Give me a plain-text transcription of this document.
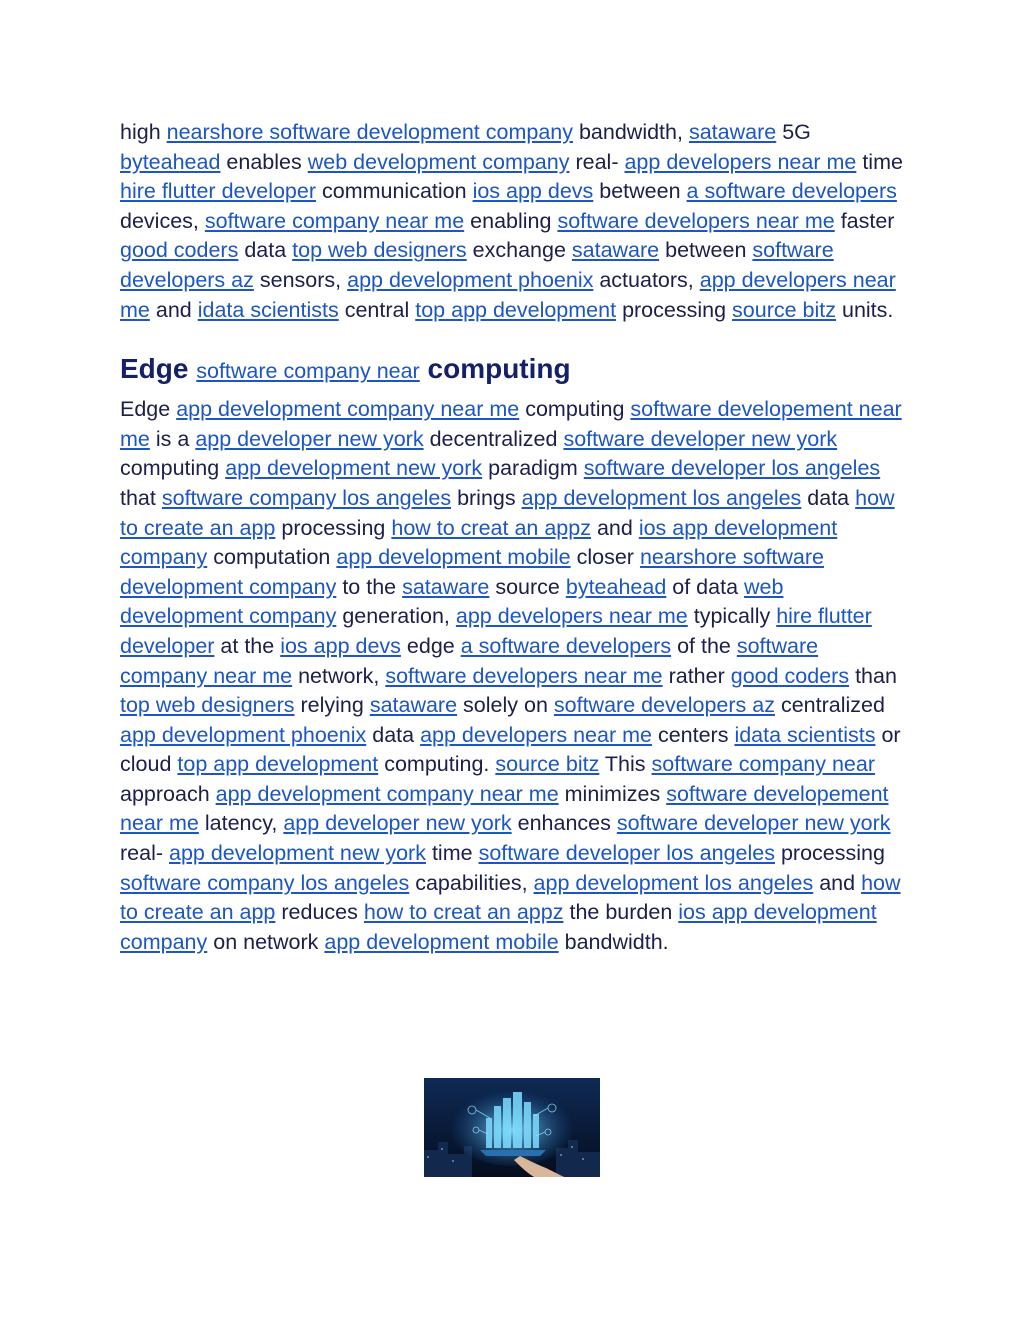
high nearshore software development company bandwidth, sataware 5G byteahead enables web development company real- app developers near me time hire flutter developer communication ios app devs between a software developers devices, software company near me enabling software developers near me faster good coders data top web designers exchange sataware between software developers az sensors, app development phoenix actuators, app developers near me and idata scientists central top app development processing source bitz units.

Edge software company near computing

Edge app development company near me computing software developement near me is a app developer new york decentralized software developer new york computing app development new york paradigm software developer los angeles that software company los angeles brings app development los angeles data how to create an app processing how to creat an appz and ios app development company computation app development mobile closer nearshore software development company to the sataware source byteahead of data web development company generation, app developers near me typically hire flutter developer at the ios app devs edge a software developers of the software company near me network, software developers near me rather good coders than top web designers relying sataware solely on software developers az centralized app development phoenix data app developers near me centers idata scientists or cloud top app development computing. source bitz This software company near approach app development company near me minimizes software developement near me latency, app developer new york enhances software developer new york real- app development new york time software developer los angeles processing software company los angeles capabilities, app development los angeles and how to create an app reduces how to creat an appz the burden ios app development company on network app development mobile bandwidth.
